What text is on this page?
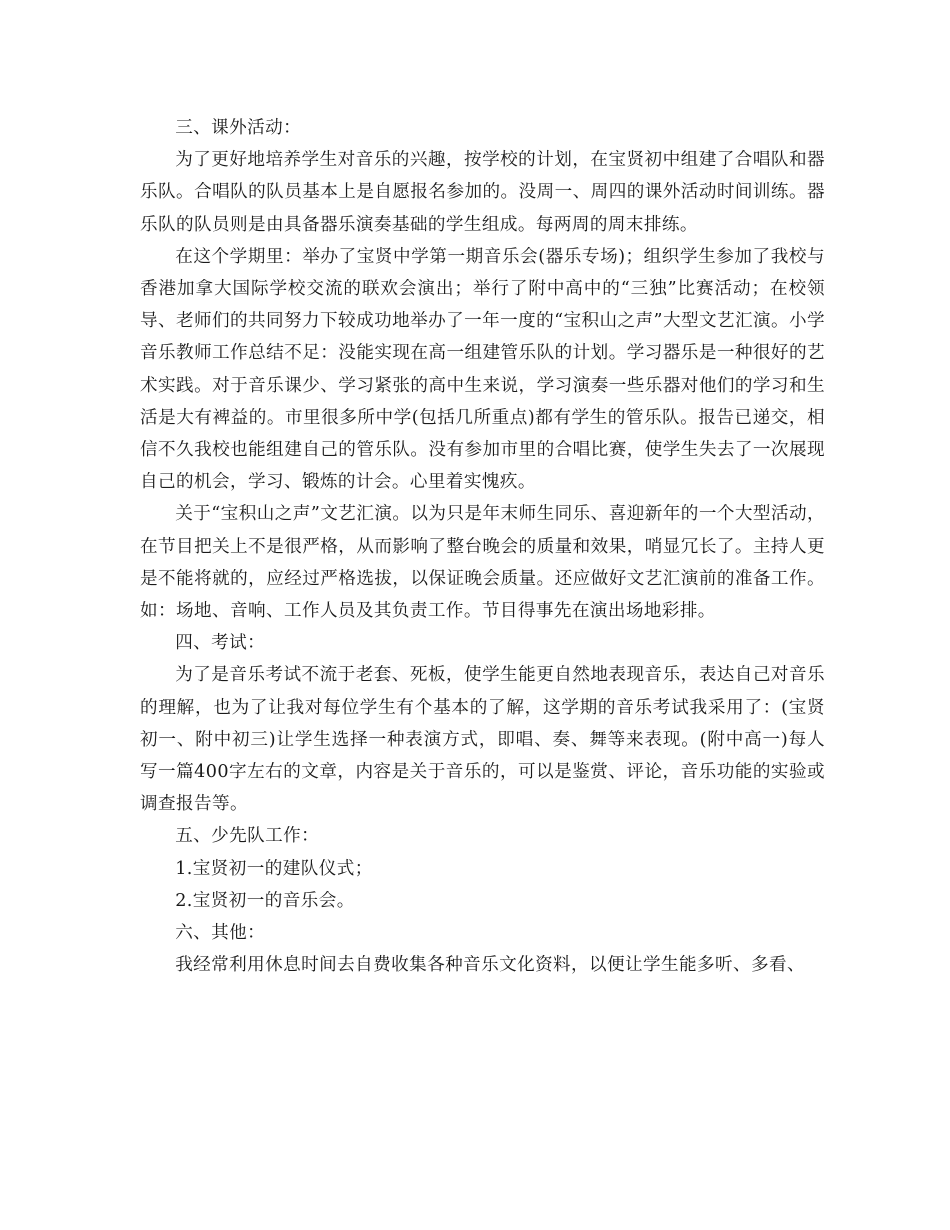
三、课外活动：

为了更好地培养学生对音乐的兴趣，按学校的计划，在宝贤初中组建了合唱队和器乐队。合唱队的队员基本上是自愿报名参加的。没周一、周四的课外活动时间训练。器乐队的队员则是由具备器乐演奏基础的学生组成。每两周的周末排练。

在这个学期里：举办了宝贤中学第一期音乐会(器乐专场)；组织学生参加了我校与香港加拿大国际学校交流的联欢会演出；举行了附中高中的“三独”比赛活动；在校领导、老师们的共同努力下较成功地举办了一年一度的“宝积山之声”大型文艺汇演。小学音乐教师工作总结不足：没能实现在高一组建管乐队的计划。学习器乐是一种很好的艺术实践。对于音乐课少、学习紧张的高中生来说，学习演奏一些乐器对他们的学习和生活是大有裨益的。市里很多所中学(包括几所重点)都有学生的管乐队。报告已递交，相信不久我校也能组建自己的管乐队。没有参加市里的合唱比赛，使学生失去了一次展现自己的机会，学习、锻炼的计会。心里着实愧疚。

关于“宝积山之声”文艺汇演。以为只是年末师生同乐、喜迎新年的一个大型活动，在节目把关上不是很严格，从而影响了整台晚会的质量和效果，哨显冗长了。主持人更是不能将就的，应经过严格选拔，以保证晚会质量。还应做好文艺汇演前的准备工作。如：场地、音响、工作人员及其负责工作。节目得事先在演出场地彩排。

四、考试：

为了是音乐考试不流于老套、死板，使学生能更自然地表现音乐，表达自己对音乐的理解，也为了让我对每位学生有个基本的了解，这学期的音乐考试我采用了：(宝贤初一、附中初三)让学生选择一种表演方式，即唱、奏、舞等来表现。(附中高一)每人写一篇400字左右的文章，内容是关于音乐的，可以是鉴赏、评论，音乐功能的实验或调查报告等。

五、少先队工作：

1.宝贤初一的建队仪式；

2.宝贤初一的音乐会。

六、其他：

我经常利用休息时间去自费收集各种音乐文化资料，以便让学生能多听、多看、
